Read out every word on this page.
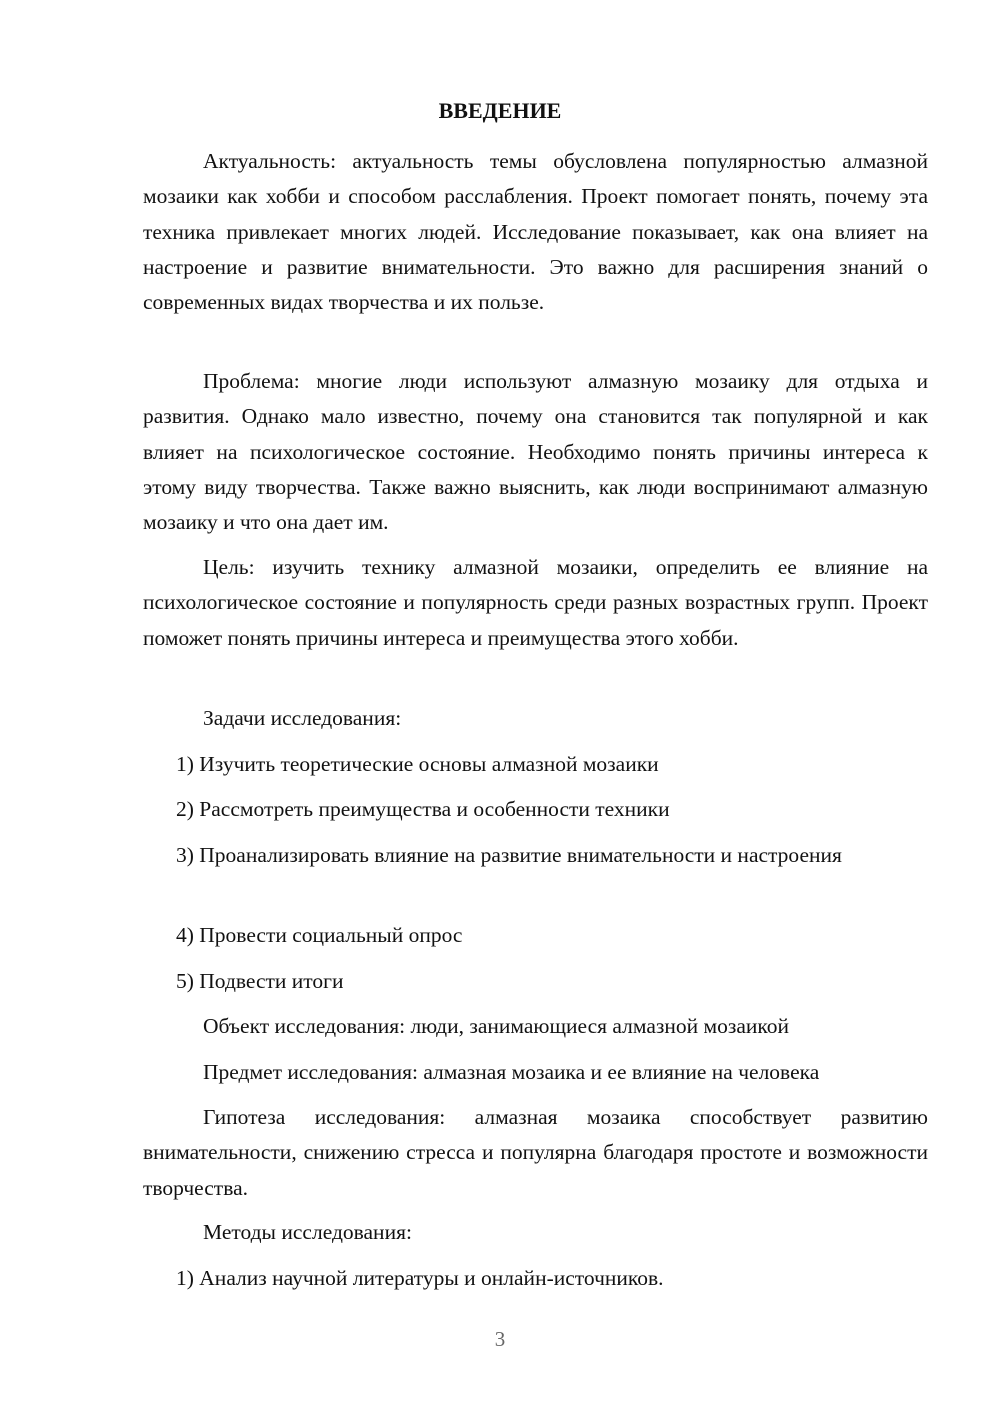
ВВЕДЕНИЕ

Актуальность: актуальность темы обусловлена популярностью алмазной мозаики как хобби и способом расслабления. Проект помогает понять, почему эта техника привлекает многих людей. Исследование показывает, как она влияет на настроение и развитие внимательности. Это важно для расширения знаний о современных видах творчества и их пользе.

Проблема: многие люди используют алмазную мозаику для отдыха и развития. Однако мало известно, почему она становится так популярной и как влияет на психологическое состояние. Необходимо понять причины интереса к этому виду творчества. Также важно выяснить, как люди воспринимают алмазную мозаику и что она дает им.

Цель: изучить технику алмазной мозаики, определить ее влияние на психологическое состояние и популярность среди разных возрастных групп. Проект поможет понять причины интереса и преимущества этого хобби.

Задачи исследования:

1) Изучить теоретические основы алмазной мозаики

2) Рассмотреть преимущества и особенности техники

3) Проанализировать влияние на развитие внимательности и настроения

4) Провести социальный опрос

5) Подвести итоги

Объект исследования: люди, занимающиеся алмазной мозаикой

Предмет исследования: алмазная мозаика и ее влияние на человека

Гипотеза исследования: алмазная мозаика способствует развитию внимательности, снижению стресса и популярна благодаря простоте и возможности творчества.

Методы исследования:

1) Анализ научной литературы и онлайн-источников.

3
